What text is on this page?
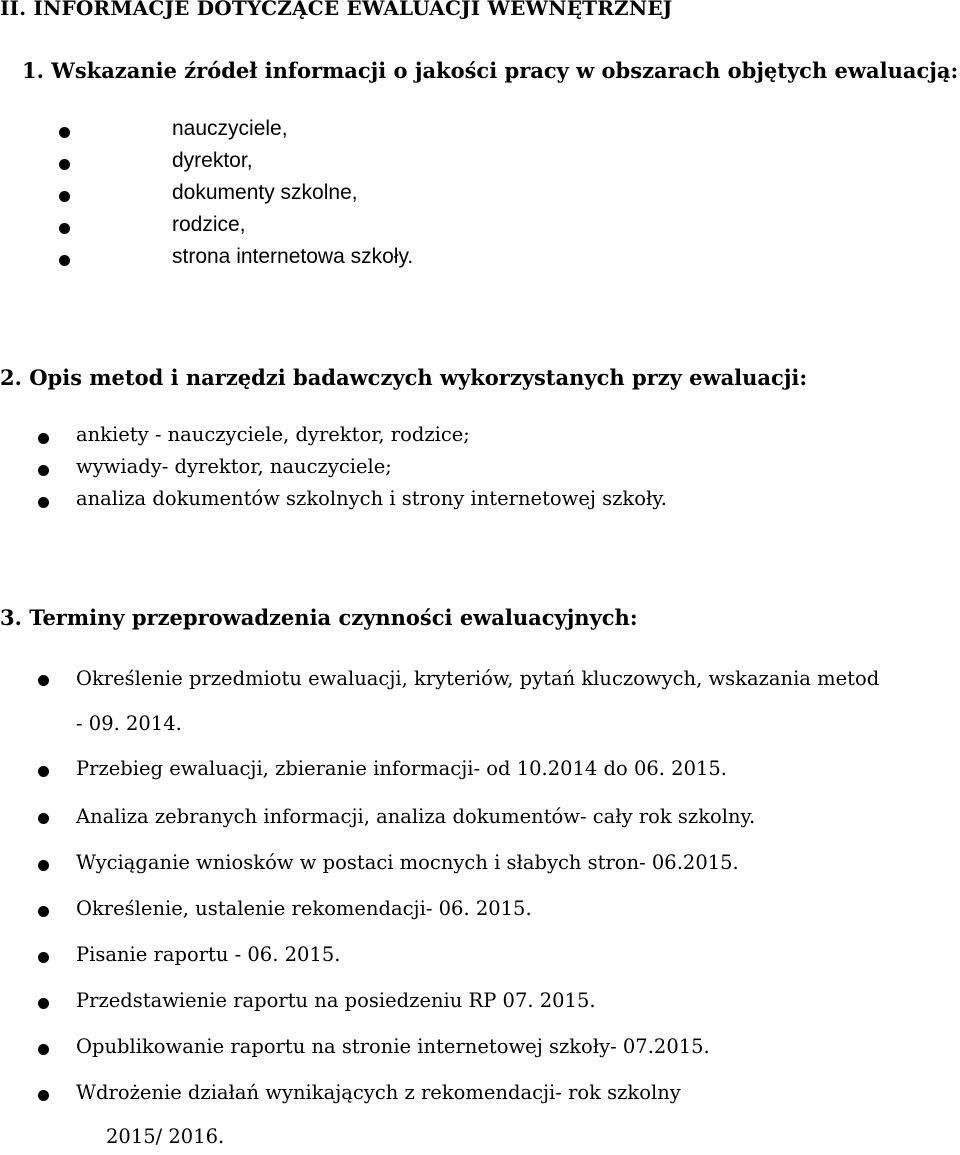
II. INFORMACJE DOTYCZĄCE EWALUACJI WEWNĘTRZNEJ
1. Wskazanie źródeł informacji o jakości pracy w obszarach objętych ewaluacją:
nauczyciele,
dyrektor,
dokumenty szkolne,
rodzice,
strona internetowa szkoły.
2. Opis metod i narzędzi badawczych wykorzystanych przy ewaluacji:
ankiety - nauczyciele, dyrektor, rodzice;
wywiady- dyrektor, nauczyciele;
analiza dokumentów szkolnych i strony internetowej szkoły.
3. Terminy przeprowadzenia czynności ewaluacyjnych:
Określenie przedmiotu ewaluacji, kryteriów, pytań kluczowych, wskazania metod
- 09. 2014.
Przebieg ewaluacji, zbieranie informacji- od 10.2014 do 06. 2015.
Analiza zebranych informacji, analiza dokumentów- cały rok szkolny.
Wyciąganie wniosków w postaci mocnych i słabych stron- 06.2015.
Określenie, ustalenie rekomendacji- 06. 2015.
Pisanie raportu - 06. 2015.
Przedstawienie raportu na posiedzeniu RP 07. 2015.
Opublikowanie raportu na stronie internetowej szkoły- 07.2015.
Wdrożenie działań wynikających z rekomendacji- rok szkolny
2015/ 2016.
